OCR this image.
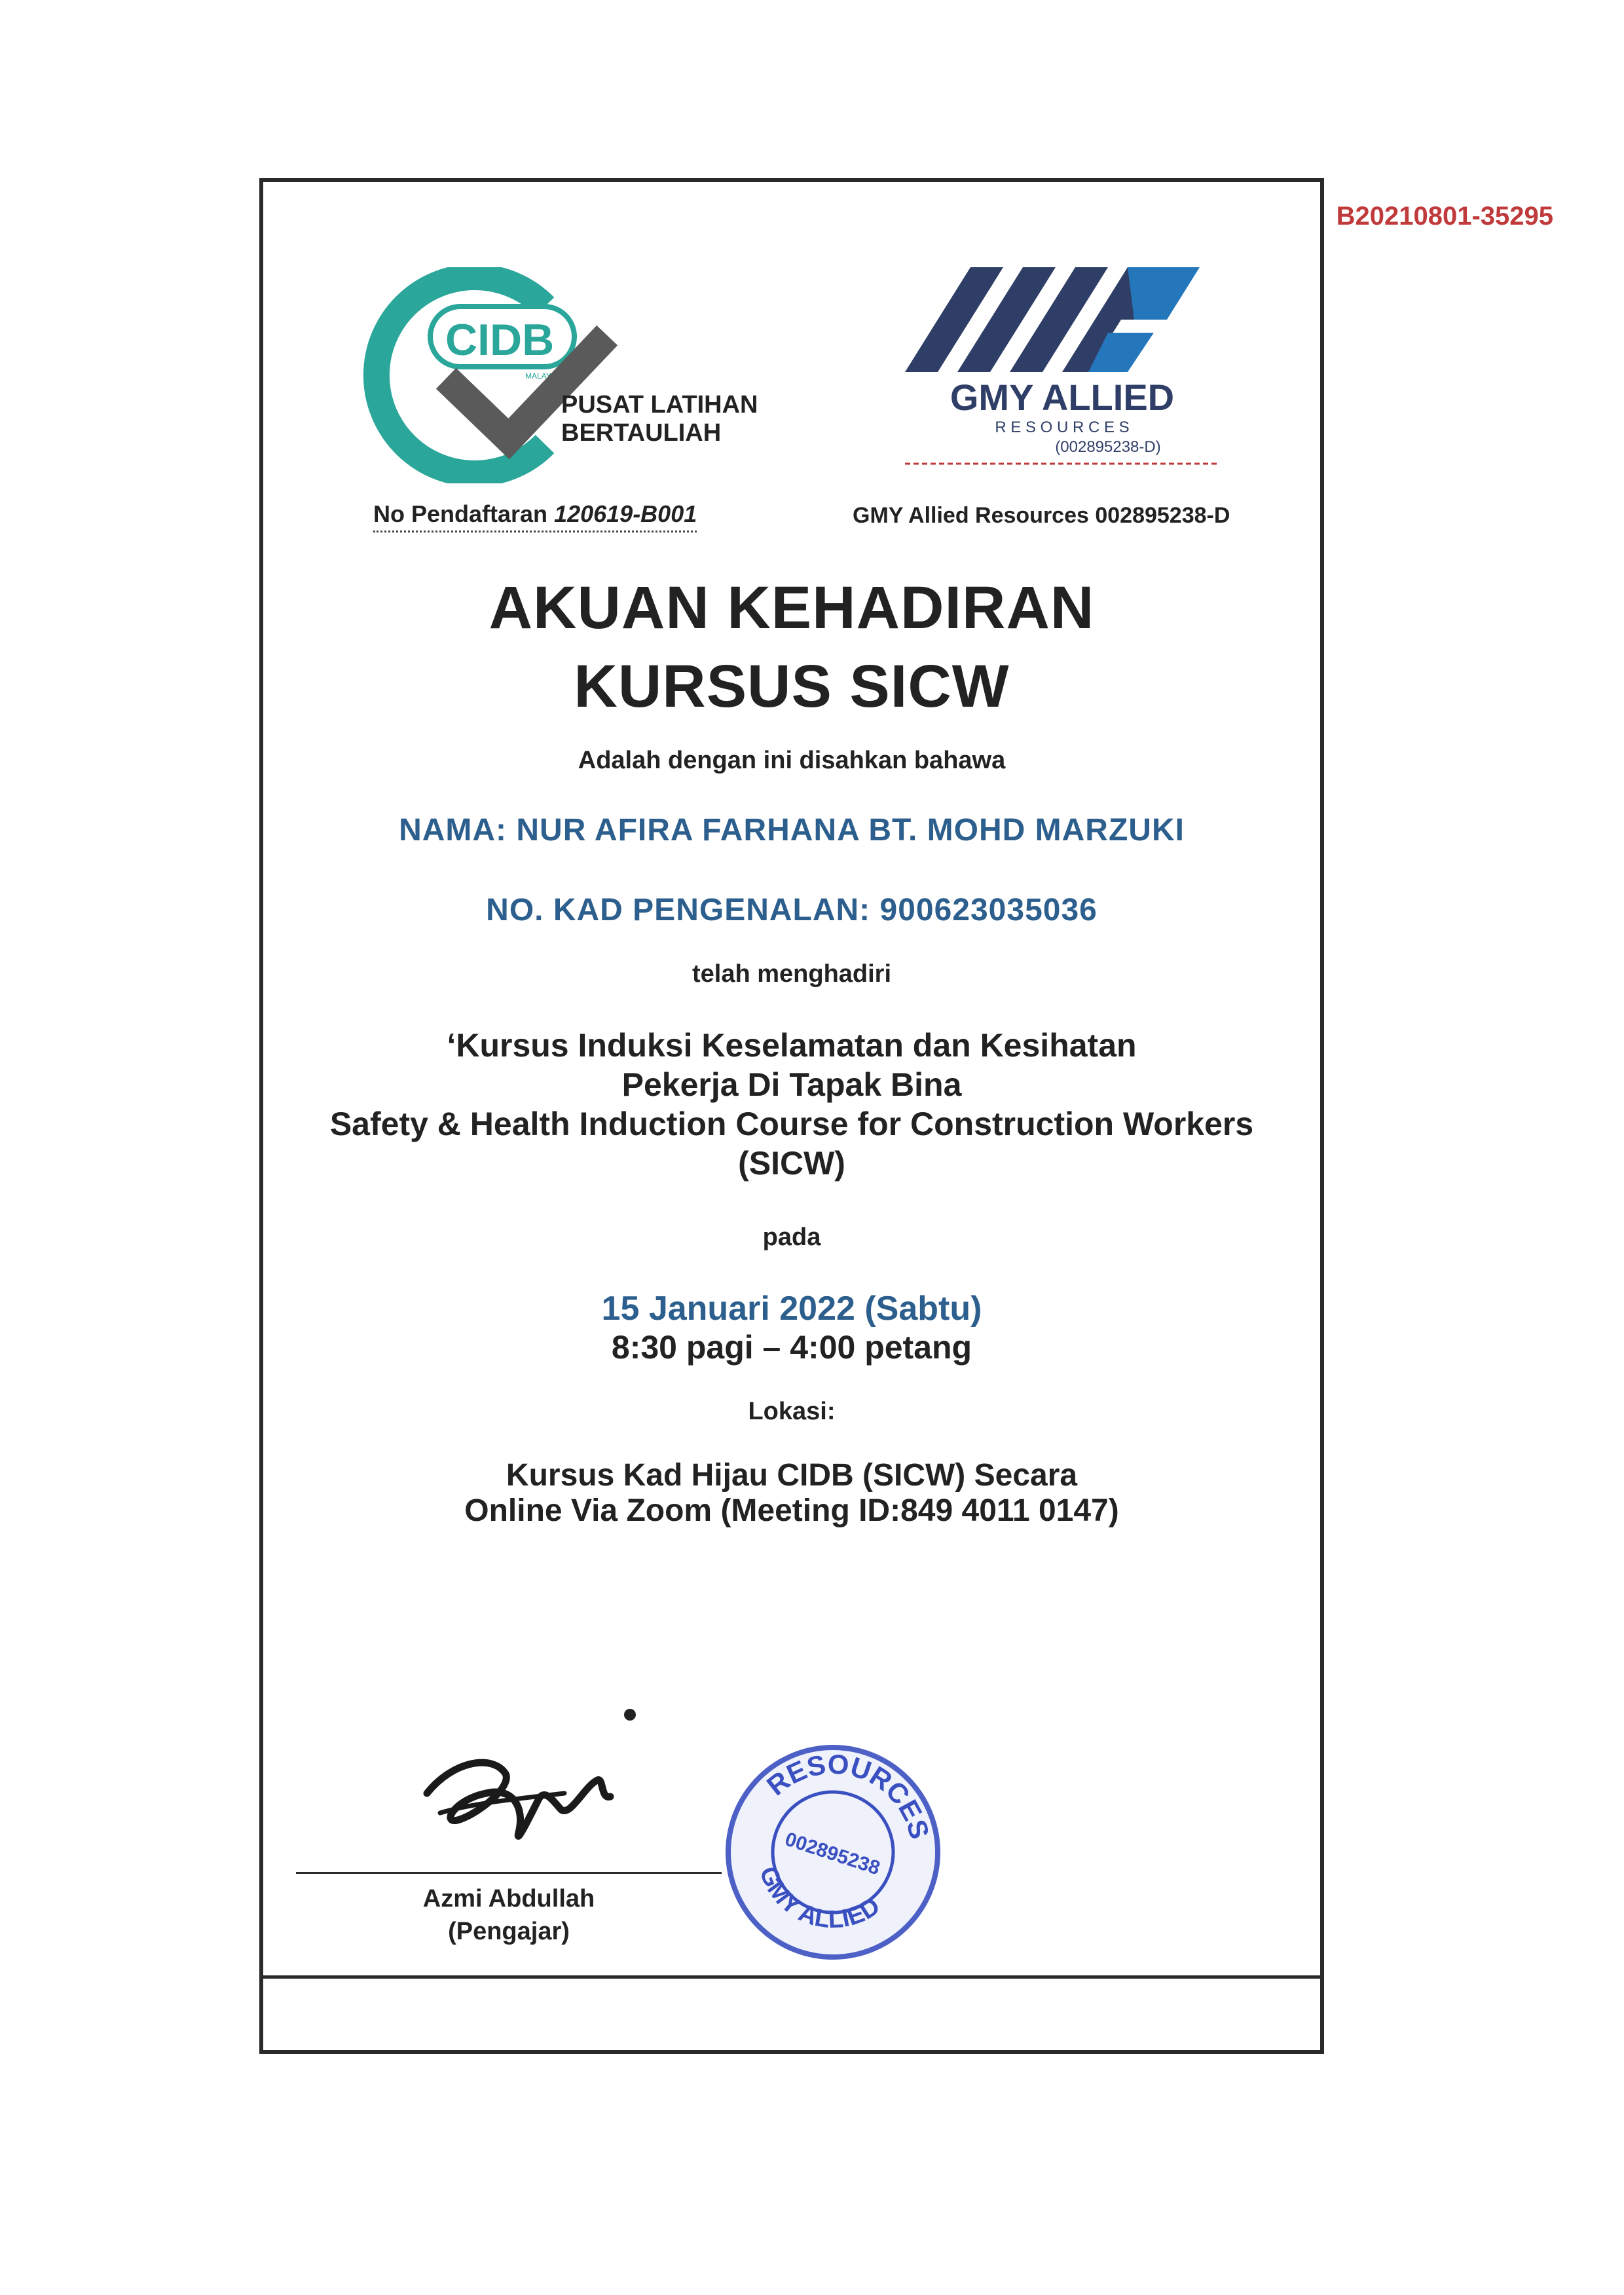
B20210801-35295
CIDB
MALAYSIA
PUSAT LATIHAN
BERTAULIAH
No Pendaftaran 120619-B001
GMY ALLIED
R E S O U R C E S
(002895238-D)
GMY Allied Resources 002895238-D
AKUAN KEHADIRAN
KURSUS SICW
Adalah dengan ini disahkan bahawa
NAMA: NUR AFIRA FARHANA BT. MOHD MARZUKI
NO. KAD PENGENALAN: 900623035036
telah menghadiri
‘Kursus Induksi Keselamatan dan Kesihatan
Pekerja Di Tapak Bina
Safety & Health Induction Course for Construction Workers
(SICW)
pada
15 Januari 2022 (Sabtu)
8:30 pagi – 4:00 petang
Lokasi:
Kursus Kad Hijau CIDB (SICW) Secara
Online Via Zoom (Meeting ID:849 4011 0147)
Azmi Abdullah
(Pengajar)
RESOURCES
GMY ALLIED
002895238
